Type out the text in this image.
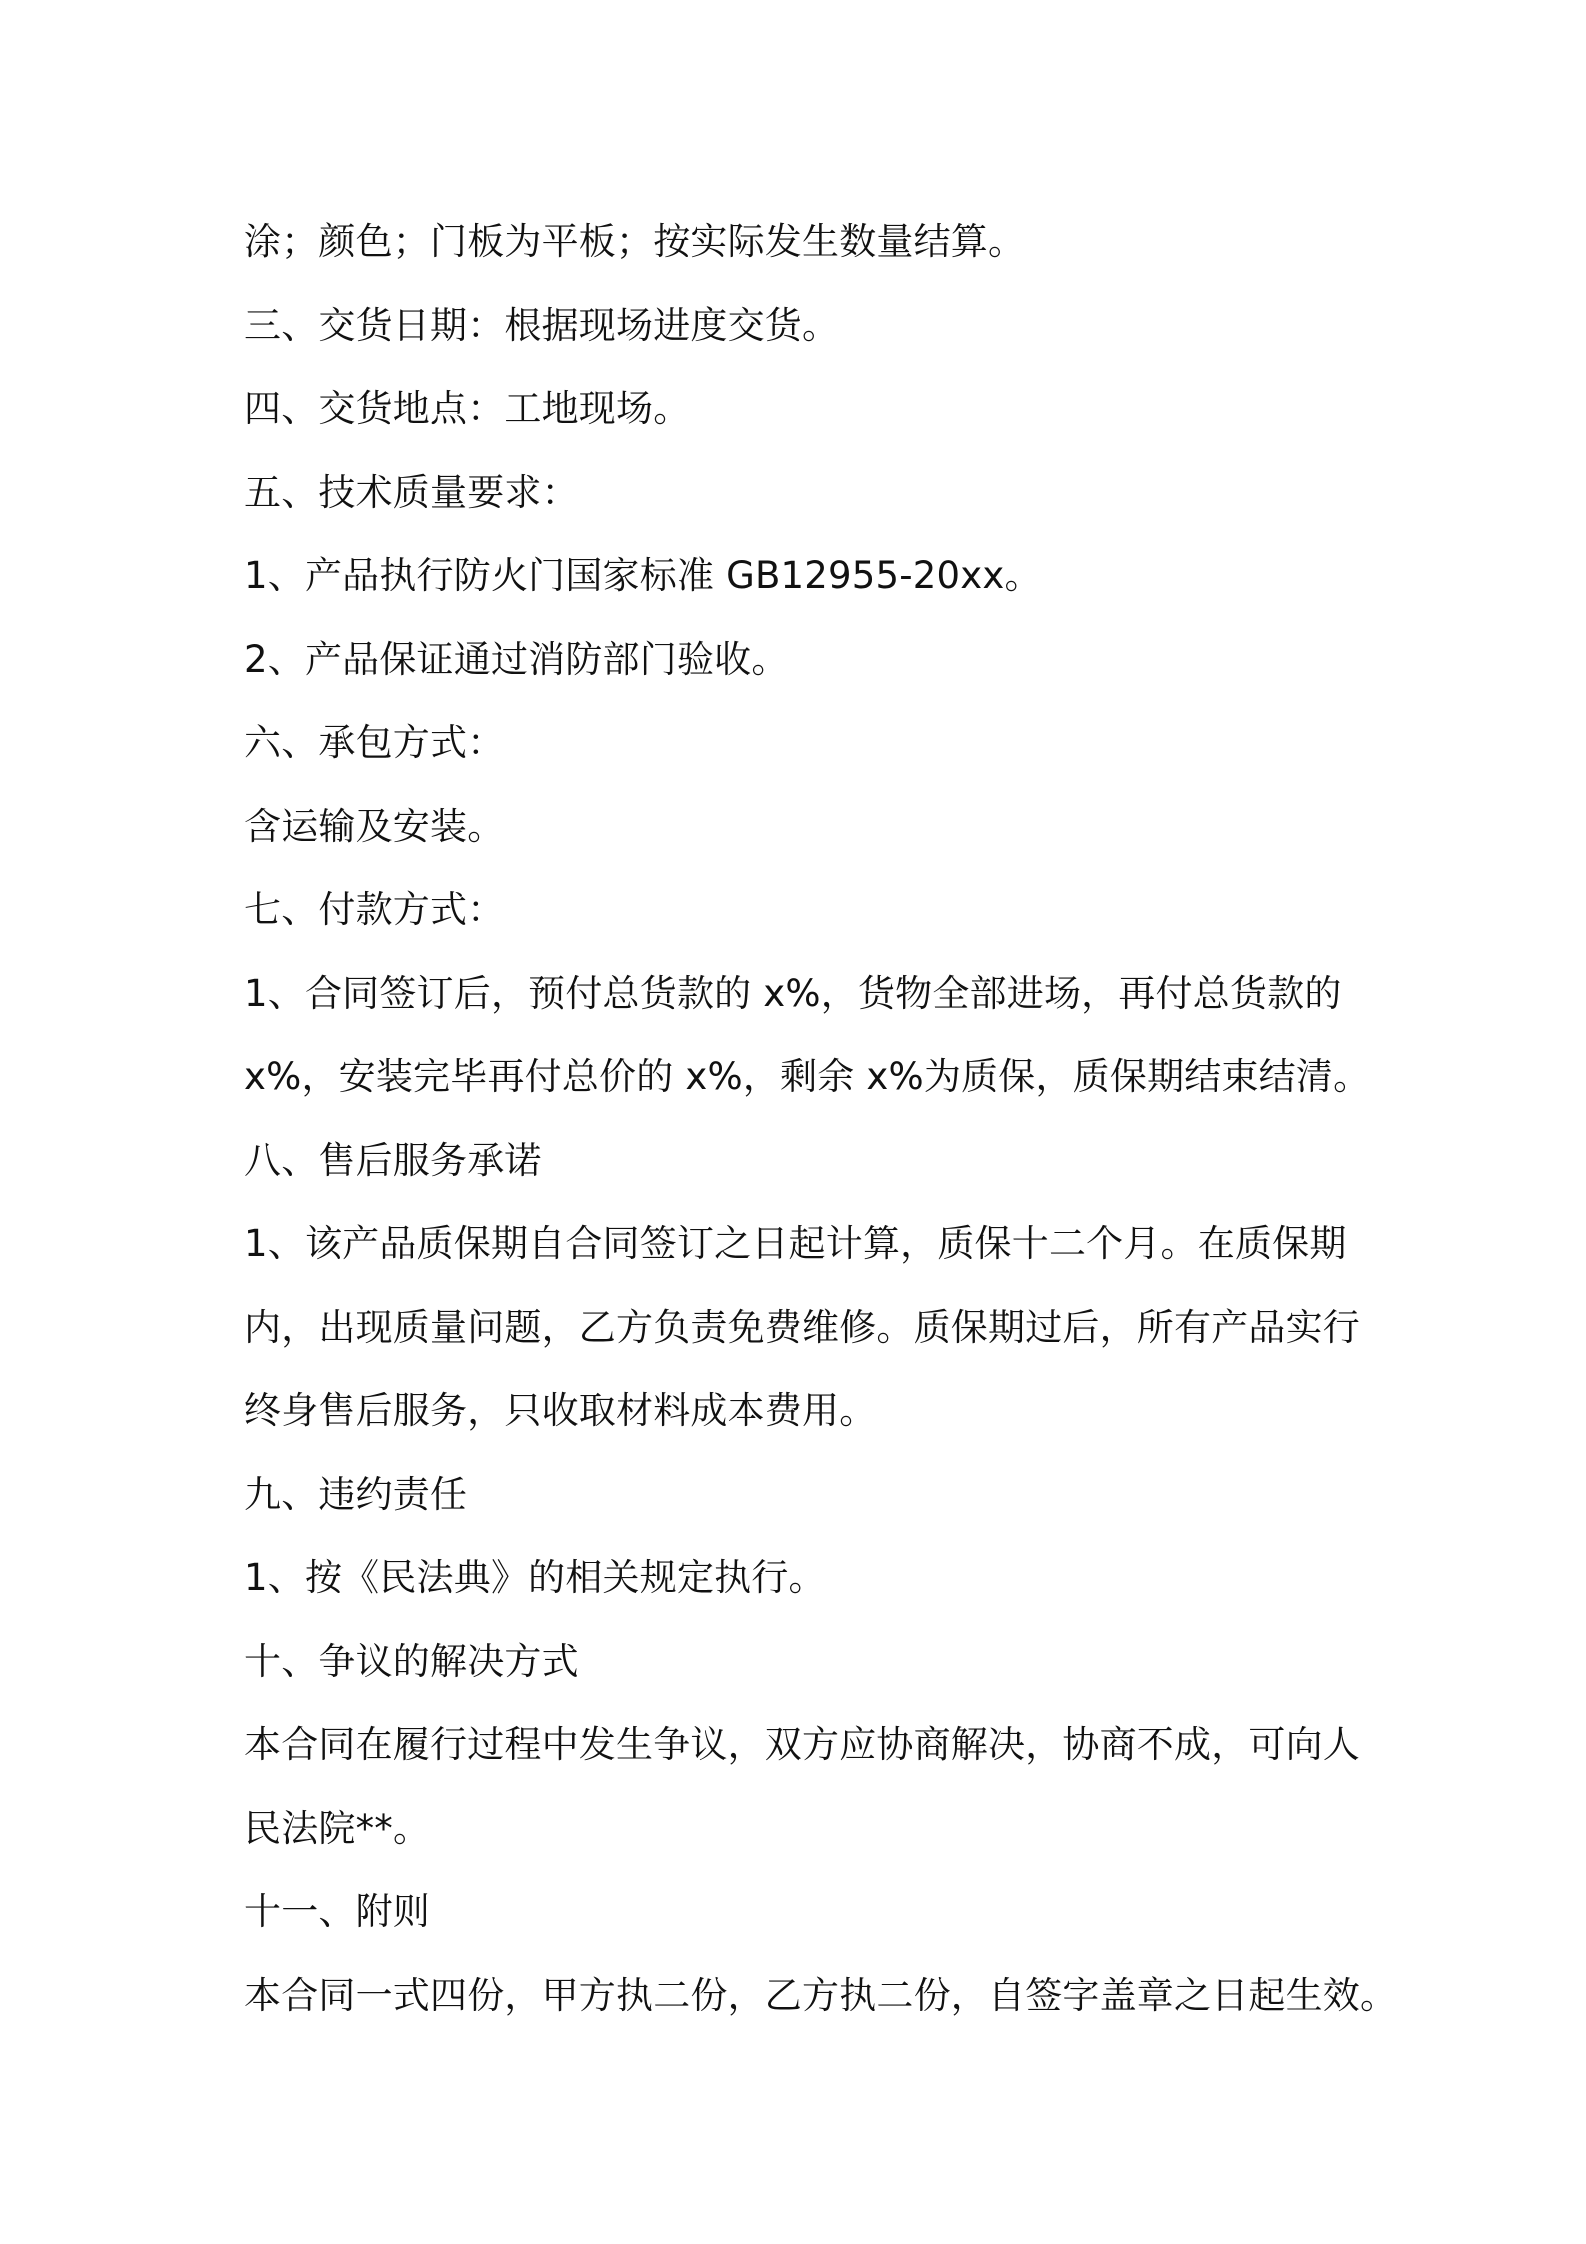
涂；颜色；门板为平板；按实际发生数量结算。
三、交货日期：根据现场进度交货。
四、交货地点：工地现场。
五、技术质量要求：
1、产品执行防火门国家标准 GB12955-20xx。
2、产品保证通过消防部门验收。
六、承包方式：
含运输及安装。
七、付款方式：
1、合同签订后，预付总货款的 x%，货物全部进场，再付总货款的
x%，安装完毕再付总价的 x%，剩余 x%为质保，质保期结束结清。
八、售后服务承诺
1、该产品质保期自合同签订之日起计算，质保十二个月。在质保期
内，出现质量问题，乙方负责免费维修。质保期过后，所有产品实行
终身售后服务，只收取材料成本费用。
九、违约责任
1、按《民法典》的相关规定执行。
十、争议的解决方式
本合同在履行过程中发生争议，双方应协商解决，协商不成，可向人
民法院**。
十一、附则
本合同一式四份，甲方执二份，乙方执二份，自签字盖章之日起生效。
